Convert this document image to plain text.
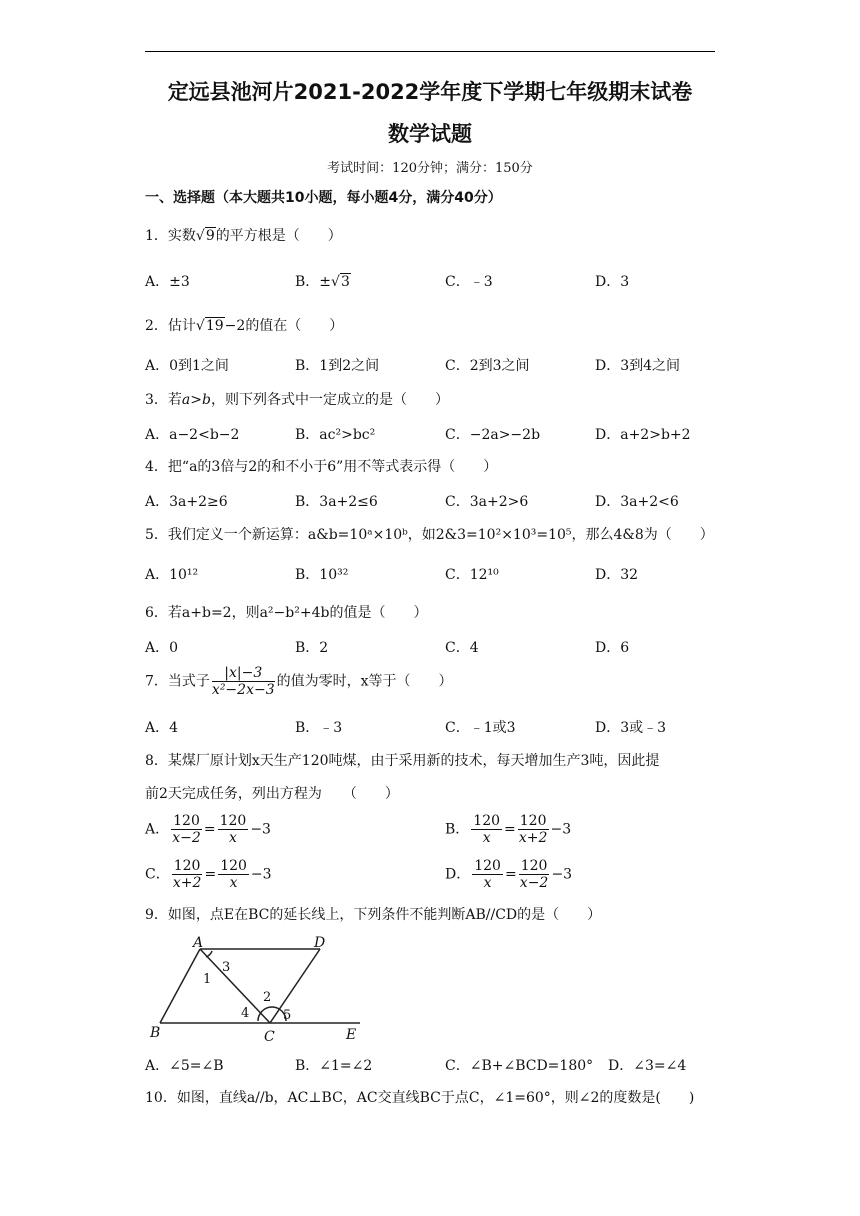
定远县池河片2021-2022学年度下学期七年级期末试卷
数学试题
考试时间：120分钟；满分：150分
一、选择题（本大题共10小题，每小题4分，满分40分）
1．实数√9的平方根是（　　）
A．±3	B．±√3	C．﹣3	D．3
2．估计√19−2的值在（　　）
A．0到1之间	B．1到2之间	C．2到3之间	D．3到4之间
3．若a>b，则下列各式中一定成立的是（　　）
A．a−2<b−2	B．ac²>bc²	C．−2a>−2b	D．a+2>b+2
4．把“a的3倍与2的和不小于6”用不等式表示得（　　）
A．3a+2≥6	B．3a+2≤6	C．3a+2>6	D．3a+2<6
5．我们定义一个新运算：a&b=10ᵃ×10ᵇ，如2&3=10²×10³=10⁵，那么4&8为（　　）
A．10¹²	B．10³²	C．12¹⁰	D．32
6．若a+b=2，则a²−b²+4b的值是（　　）
A．0	B．2	C．4	D．6
7．当式子 $\frac{|x|-3}{\text{x²−2x−3}}$ 的值为零时，x等于（　　）
A．4	B．﹣3	C．﹣1或3	D．3或﹣3
8．某煤厂原计划x天生产120吨煤，由于采用新的技术，每天增加生产3吨，因此提
前2天完成任务，列出方程为　　（　　）
A． $\frac{120}{x-2} = \frac{120}{x} -3$	B． $\frac{120}{x} = \frac{120}{x+2} -3$
C． $\frac{120}{x+2} = \frac{120}{x} -3$	D． $\frac{120}{x} = \frac{120}{x-2} -3$
9．如图，点E在BC的延长线上，下列条件不能判断AB//CD的是（　　）
A	D
B	C	E
1
2
3
4	5
A．∠5=∠B	B．∠1=∠2	C．∠B+∠BCD=180° D．∠3=∠4
10．如图，直线a//b，AC⊥BC，AC交直线BC于点C，∠1=60°，则∠2的度数是(　　)
